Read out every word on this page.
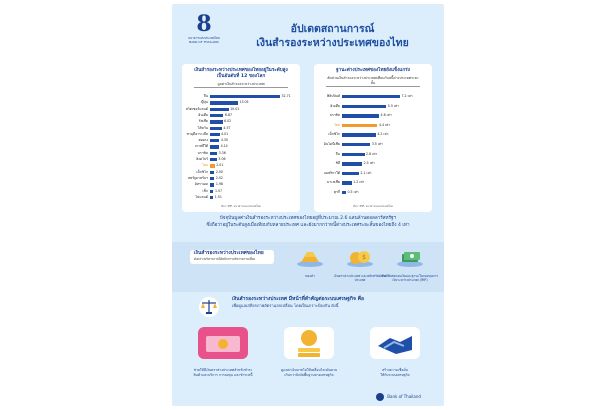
8
ธนาคารแห่งประเทศไทย
BANK OF THAILAND
อัปเดตสถานการณ์
เงินสำรองระหว่างประเทศของไทย
เงินสำรองระหว่างประเทศของไทยอยู่ในระดับสูง
เป็นอันดับที่ 12 ของโลก
มูลค่าเงินสำรองระหว่างประเทศ
จีน	32.71
ญี่ปุ่น	13.05
สวิตเซอร์แลนด์	10.01
อินเดีย	6.87
รัสเซีย	6.02
ไต้หวัน	4.57
ซาอุดีอาระเบีย	4.01
ฮ่องกง	4.30
เกาหลีใต้	4.14
บราซิล	3.36
สิงคโปร์	3.06
ไทย	2.01
เม็กซิโก 2.00
สหรัฐอาหรับฯ 2.02
อิสราเอล 1.98
เช็ก 1.57
โปแลนด์ 1.51
ที่มา: IMF, ธนาคารแห่งประเทศไทย
ฐานะต่างประเทศของไทยยังแข็งแกร่ง
สัดส่วนเงินสำรองระหว่างประเทศเทียบกับหนี้ต่างประเทศระยะสั้น
ฟิลิปปินส์	7.2 เท่า
อินเดีย	5.5 เท่า
บราซิล	4.6 เท่า
ไทย	4.4 เท่า
เม็กซิโก	4.2 เท่า
อินโดนีเซีย	3.5 เท่า
จีน	2.8 เท่า
ชิลี	2.5 เท่า
แอฟริกาใต้	2.1 เท่า
มาเลเซีย	1.2 เท่า
ตุรกี 0.5 เท่า
ที่มา: IMF, ธนาคารแห่งประเทศไทย
ปัจจุบันมูลค่าเงินสำรองระหว่างประเทศของไทยอยู่ที่ประมาณ 2.6 แสนล้านดอลลาร์สหรัฐฯ
ซึ่งถือว่าอยู่ในระดับสูงเมื่อเทียบกับหลายประเทศ และยังมากกว่าหนี้ต่างประเทศระยะสั้นของไทยถึง 4 เท่า
เงินสำรองระหว่างประเทศของไทย
ดังกล่าวบริหารภายใต้หลักการบริหารความเสี่ยง
ทองคำ
$
เงินตราต่างประเทศ และหลักทรัพย์ต่างประเทศ
สิทธิพิเศษถอนเงินและฐานะในกองทุนการเงินระหว่างประเทศ (IMF)
เงินสำรองระหว่างประเทศ มีหน้าที่สำคัญต่อระบบเศรษฐกิจ คือ
เพื่อดูแลเสถียรภาพอัตราแลกเปลี่ยน โดยเป็นเกราะป้องกัน ดังนี้
ช่วยให้มีเงินตราต่างประเทศสำหรับชำระ
สินค้าและบริการ การลงทุน และชำระหนี้
ดูแลค่าเงินบาทไม่ให้เคลื่อนไหวผันผวน
เกินกว่าปัจจัยพื้นฐานทางเศรษฐกิจ
สร้างความเชื่อมั่น
ให้กับระบบเศรษฐกิจ
Bank of Thailand
